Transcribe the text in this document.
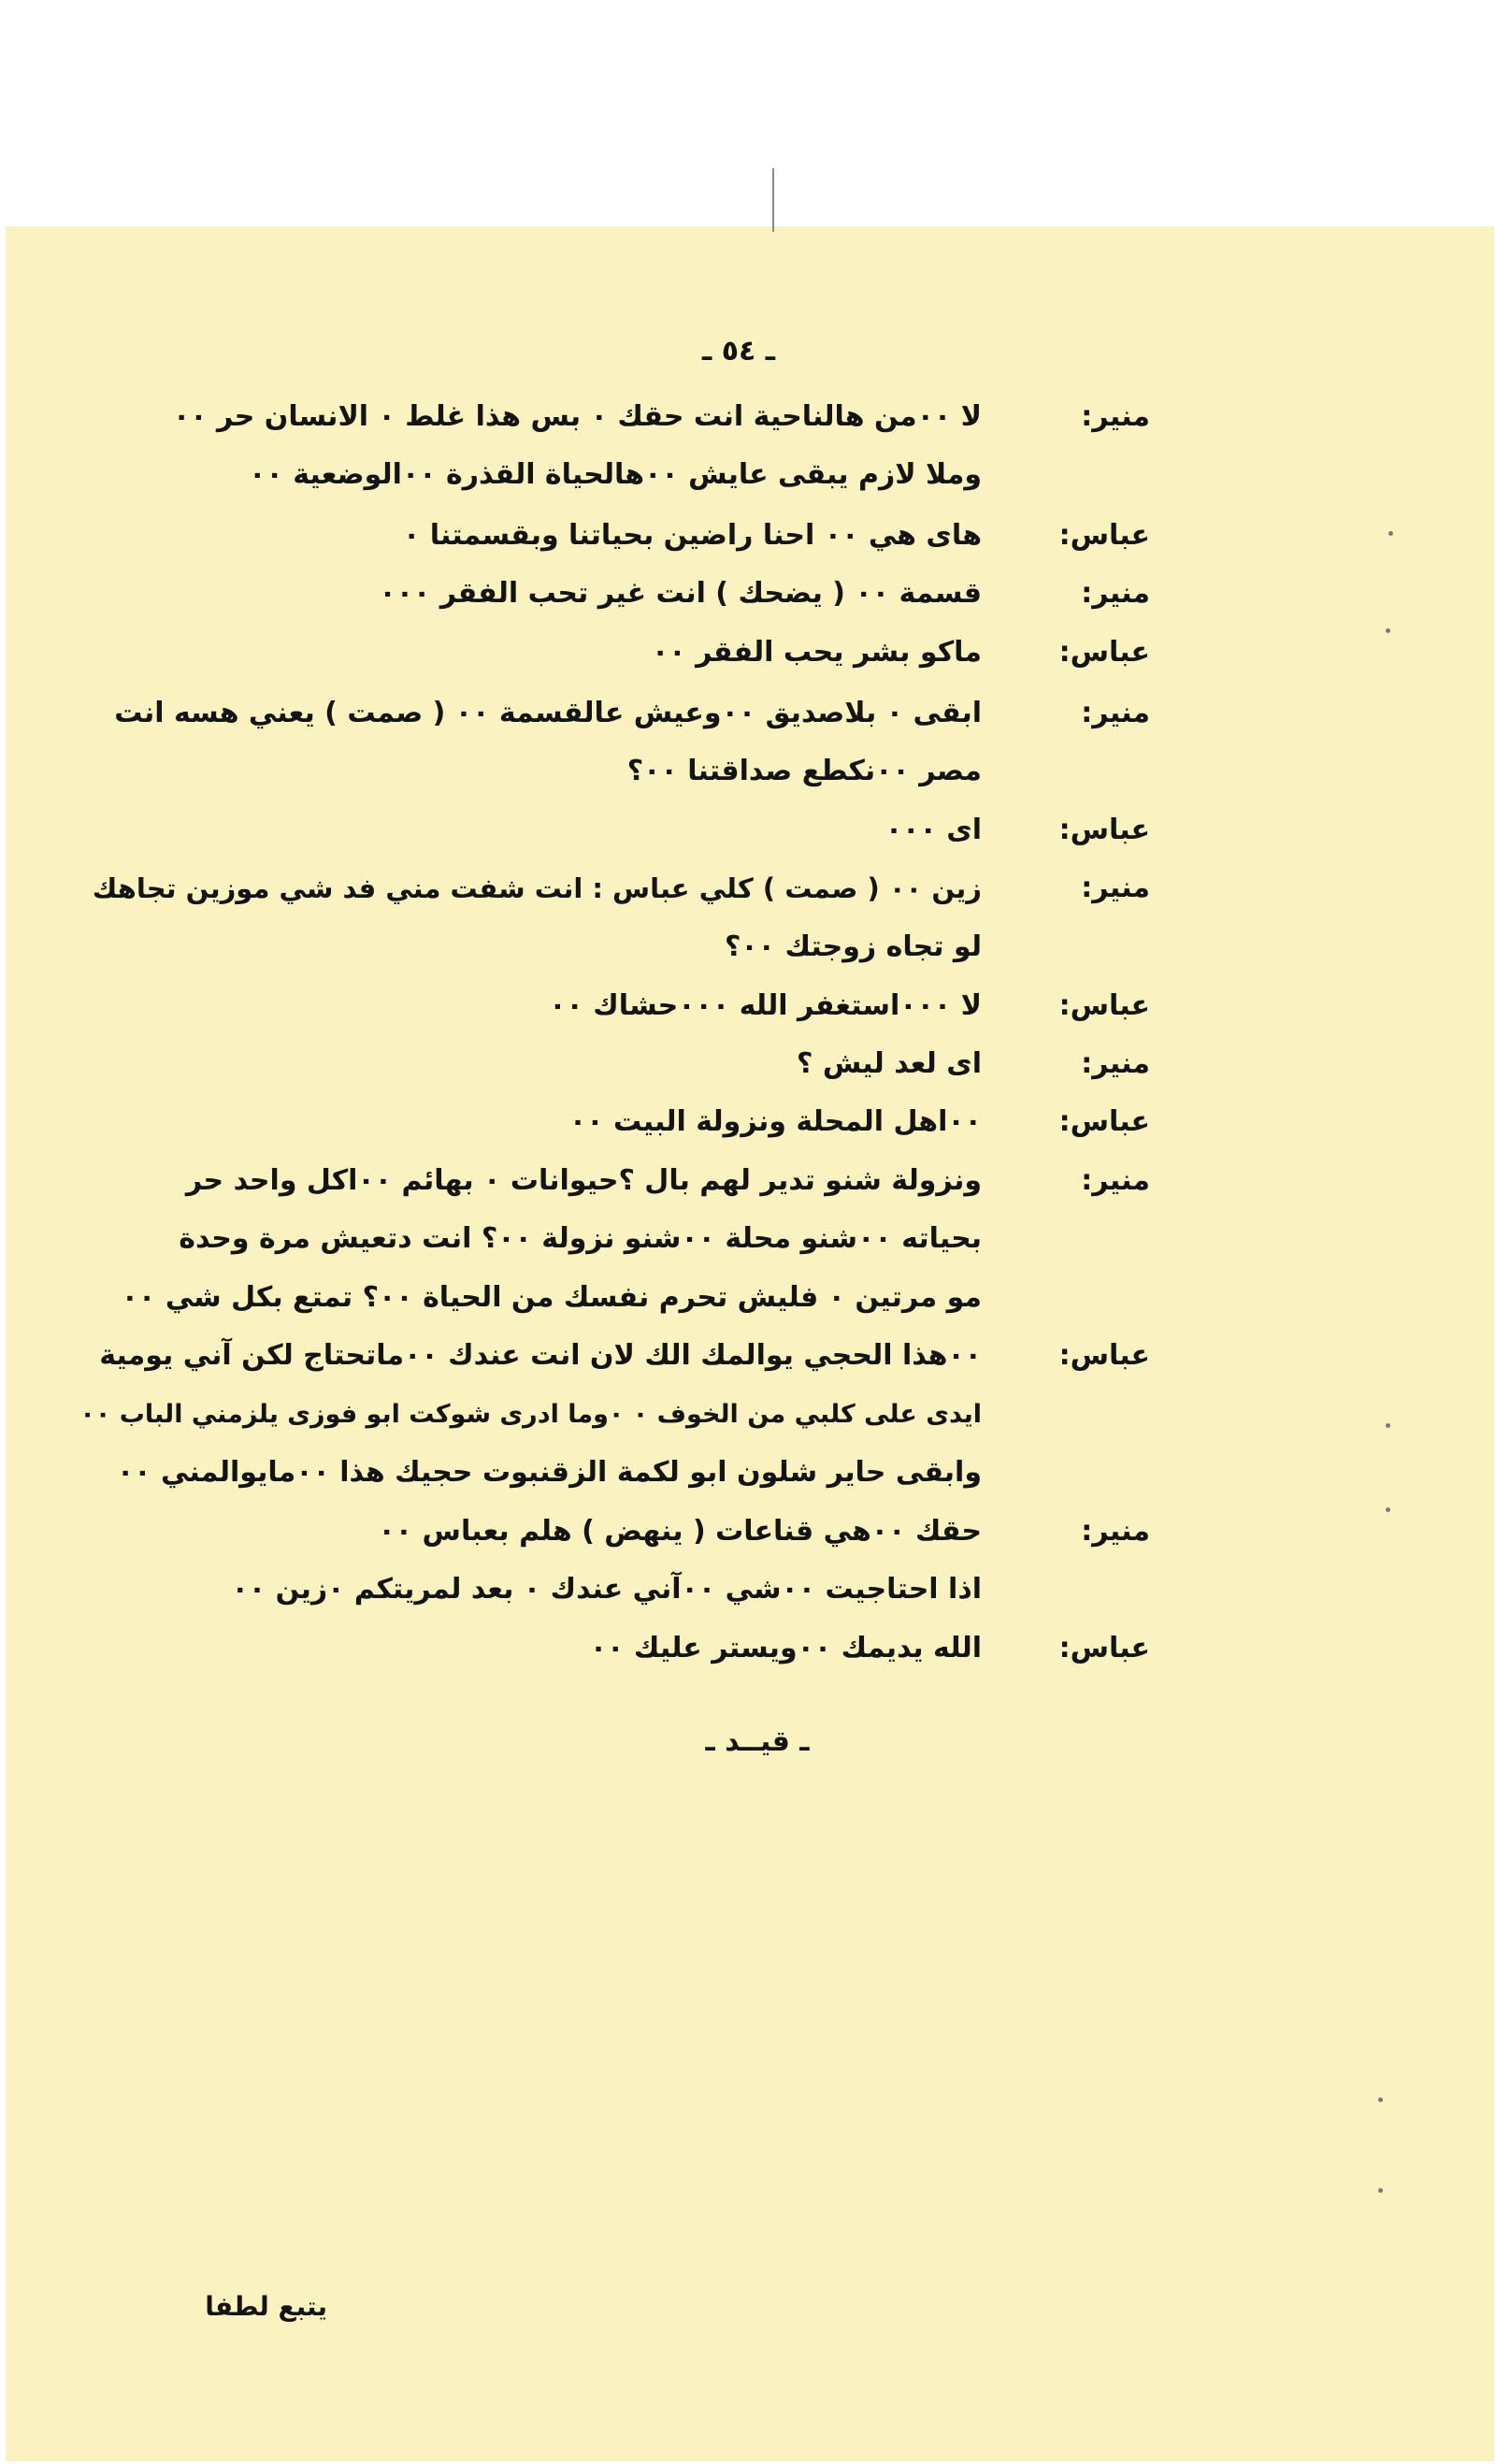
ـ ٥٤ ـ
لا ٠٠من هالناحية انت حقك ٠ بس هذا غلط ٠ الانسان حر ٠٠	منير:
وملا لازم يبقى عايش ٠٠هالحياة القذرة ٠٠الوضعية ٠٠
هاى هي ٠٠ احنا راضين بحياتنا وبقسمتنا ٠	عباس:
قسمة ٠٠ ( يضحك ) انت غير تحب الفقر ٠٠٠	منير:
ماكو بشر يحب الفقر ٠٠	عباس:
ابقى ٠ بلاصديق ٠٠وعيش عالقسمة ٠٠ ( صمت ) يعني هسه انت	منير:
مصر ٠٠نكطع صداقتنا ٠٠؟
اى ٠٠٠	عباس:
زين ٠٠ ( صمت ) كلي عباس : انت شفت مني فد شي موزين تجاهك	منير:
لو تجاه زوجتك ٠٠؟
لا ٠٠٠استغفر الله ٠٠٠حشاك ٠٠	عباس:
اى لعد ليش ؟	منير:
٠٠اهل المحلة ونزولة البيت ٠٠	عباس:
ونزولة شنو تدير لهم بال ؟حيوانات ٠ بهائم ٠٠اكل واحد حر	منير:
بحياته ٠٠شنو محلة ٠٠شنو نزولة ٠٠؟ انت دتعيش مرة وحدة
مو مرتين ٠ فليش تحرم نفسك من الحياة ٠٠؟ تمتع بكل شي ٠٠
٠٠هذا الحجي يوالمك الك لان انت عندك ٠٠ماتحتاج لكن آني يومية	عباس:
ايدى على كلبي من الخوف ٠ ٠وما ادرى شوكت ابو فوزى يلزمني الباب ٠٠
وابقى حاير شلون ابو لكمة الزقنبوت حجيك هذا ٠٠مايوالمني ٠٠
حقك ٠٠هي قناعات ( ينهض ) هلم بعباس ٠٠	منير:
اذا احتاجيت ٠٠شي ٠٠آني عندك ٠ بعد لمريتكم ٠زين ٠٠
الله يديمك ٠٠ويستر عليك ٠٠	عباس:
ـ قيــد ـ
يتبع لطفا
